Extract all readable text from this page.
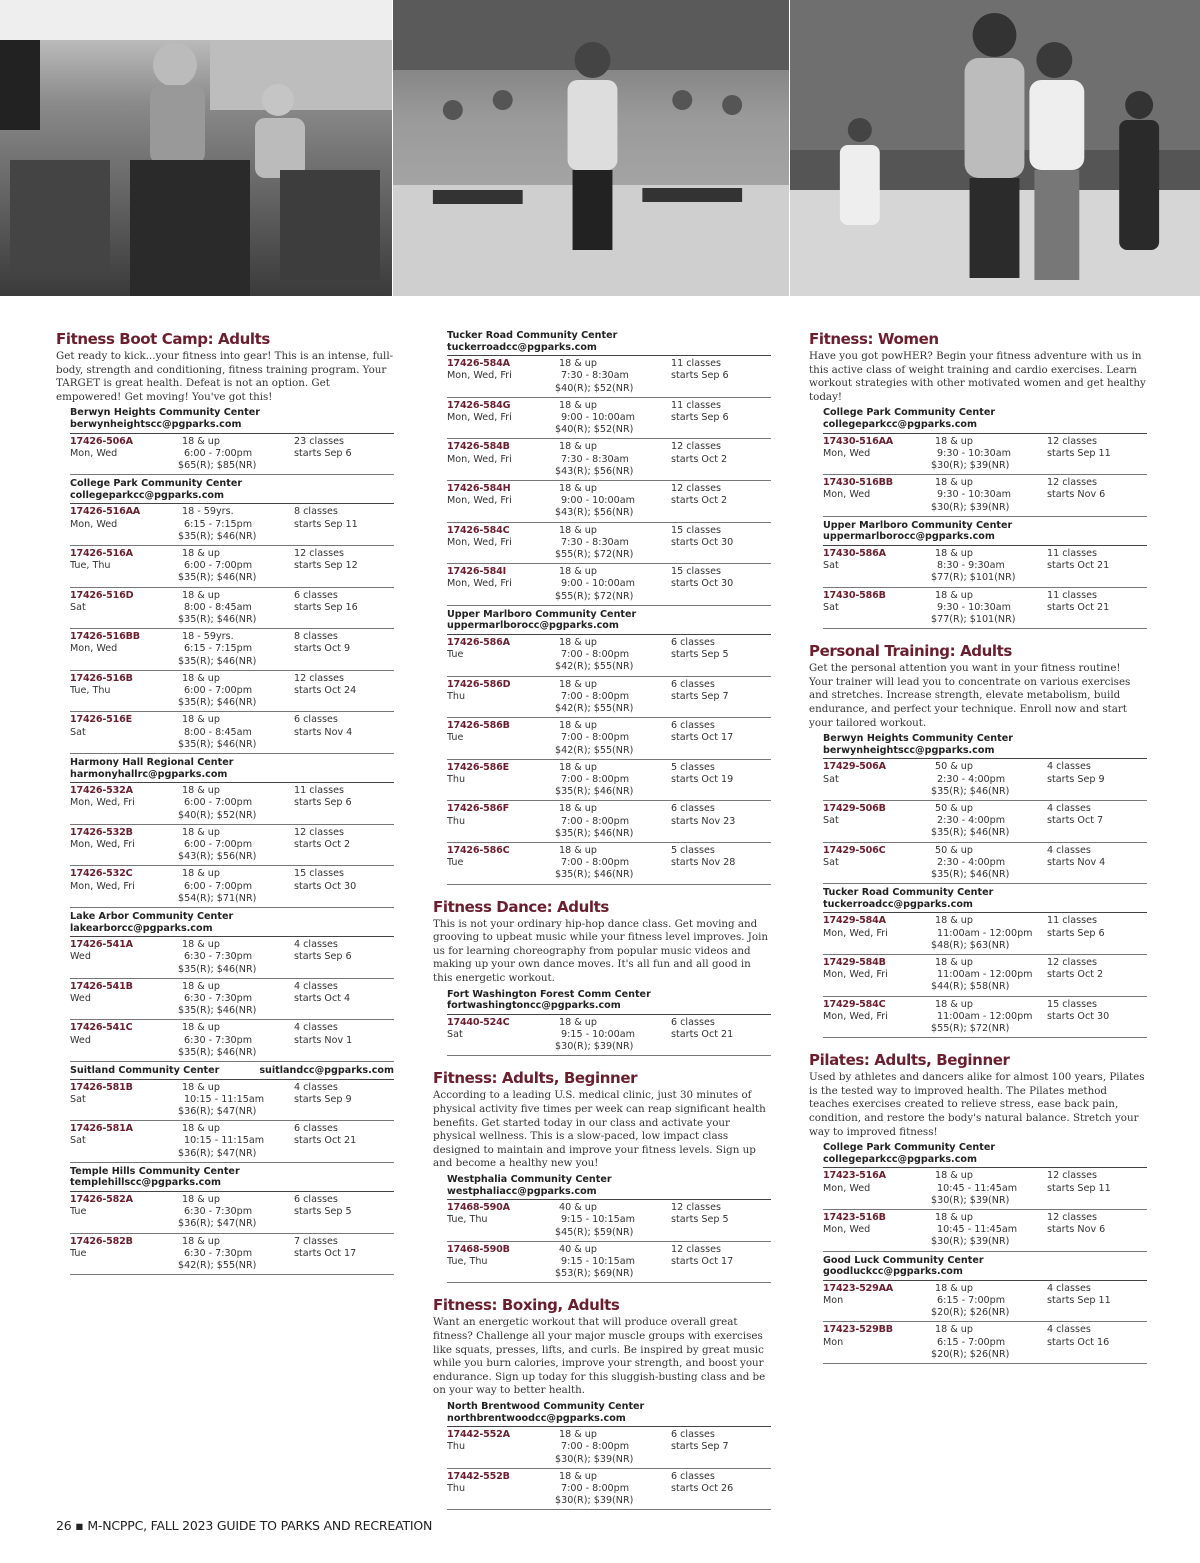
Fitness Boot Camp: Adults

Get ready to kick...your fitness into gear! This is an intense, full-body, strength and conditioning, fitness training program. Your TARGET is great health. Defeat is not an option. Get empowered! Get moving! You've got this!

Berwyn Heights Community Center
berwynheightscc@pgparks.com
17426-506A	18 & up	23 classes
Mon, Wed	6:00 - 7:00pm	starts Sep 6
$65(R); $85(NR)
College Park Community Center
collegeparkcc@pgparks.com
17426-516AA	18 - 59yrs.	8 classes
Mon, Wed	6:15 - 7:15pm	starts Sep 11
$35(R); $46(NR)
17426-516A	18 & up	12 classes
Tue, Thu	6:00 - 7:00pm	starts Sep 12
$35(R); $46(NR)
17426-516D	18 & up	6 classes
Sat	8:00 - 8:45am	starts Sep 16
$35(R); $46(NR)
17426-516BB	18 - 59yrs.	8 classes
Mon, Wed	6:15 - 7:15pm	starts Oct 9
$35(R); $46(NR)
17426-516B	18 & up	12 classes
Tue, Thu	6:00 - 7:00pm	starts Oct 24
$35(R); $46(NR)
17426-516E	18 & up	6 classes
Sat	8:00 - 8:45am	starts Nov 4
$35(R); $46(NR)
Harmony Hall Regional Center
harmonyhallrc@pgparks.com
17426-532A	18 & up	11 classes
Mon, Wed, Fri	6:00 - 7:00pm	starts Sep 6
$40(R); $52(NR)
17426-532B	18 & up	12 classes
Mon, Wed, Fri	6:00 - 7:00pm	starts Oct 2
$43(R); $56(NR)
17426-532C	18 & up	15 classes
Mon, Wed, Fri	6:00 - 7:00pm	starts Oct 30
$54(R); $71(NR)
Lake Arbor Community Center
lakearborcc@pgparks.com
17426-541A	18 & up	4 classes
Wed	6:30 - 7:30pm	starts Sep 6
$35(R); $46(NR)
17426-541B	18 & up	4 classes
Wed	6:30 - 7:30pm	starts Oct 4
$35(R); $46(NR)
17426-541C	18 & up	4 classes
Wed	6:30 - 7:30pm	starts Nov 1
$35(R); $46(NR)
Suitland Community Center	suitlandcc@pgparks.com
17426-581B	18 & up	4 classes
Sat	10:15 - 11:15am	starts Sep 9
$36(R); $47(NR)
17426-581A	18 & up	6 classes
Sat	10:15 - 11:15am	starts Oct 21
$36(R); $47(NR)
Temple Hills Community Center
templehillscc@pgparks.com
17426-582A	18 & up	6 classes
Tue	6:30 - 7:30pm	starts Sep 5
$36(R); $47(NR)
17426-582B	18 & up	7 classes
Tue	6:30 - 7:30pm	starts Oct 17
$42(R); $55(NR)
Tucker Road Community Center
tuckerroadcc@pgparks.com
17426-584A	18 & up	11 classes
Mon, Wed, Fri	7:30 - 8:30am	starts Sep 6
$40(R); $52(NR)
17426-584G	18 & up	11 classes
Mon, Wed, Fri	9:00 - 10:00am	starts Sep 6
$40(R); $52(NR)
17426-584B	18 & up	12 classes
Mon, Wed, Fri	7:30 - 8:30am	starts Oct 2
$43(R); $56(NR)
17426-584H	18 & up	12 classes
Mon, Wed, Fri	9:00 - 10:00am	starts Oct 2
$43(R); $56(NR)
17426-584C	18 & up	15 classes
Mon, Wed, Fri	7:30 - 8:30am	starts Oct 30
$55(R); $72(NR)
17426-584I	18 & up	15 classes
Mon, Wed, Fri	9:00 - 10:00am	starts Oct 30
$55(R); $72(NR)
Upper Marlboro Community Center
uppermarlborocc@pgparks.com
17426-586A	18 & up	6 classes
Tue	7:00 - 8:00pm	starts Sep 5
$42(R); $55(NR)
17426-586D	18 & up	6 classes
Thu	7:00 - 8:00pm	starts Sep 7
$42(R); $55(NR)
17426-586B	18 & up	6 classes
Tue	7:00 - 8:00pm	starts Oct 17
$42(R); $55(NR)
17426-586E	18 & up	5 classes
Thu	7:00 - 8:00pm	starts Oct 19
$35(R); $46(NR)
17426-586F	18 & up	6 classes
Thu	7:00 - 8:00pm	starts Nov 23
$35(R); $46(NR)
17426-586C	18 & up	5 classes
Tue	7:00 - 8:00pm	starts Nov 28
$35(R); $46(NR)
Fitness Dance: Adults

This is not your ordinary hip-hop dance class. Get moving and grooving to upbeat music while your fitness level improves. Join us for learning choreography from popular music videos and making up your own dance moves. It's all fun and all good in this energetic workout.

Fort Washington Forest Comm Center
fortwashingtoncc@pgparks.com
17440-524C	18 & up	6 classes
Sat	9:15 - 10:00am	starts Oct 21
$30(R); $39(NR)
Fitness: Adults, Beginner

According to a leading U.S. medical clinic, just 30 minutes of physical activity five times per week can reap significant health benefits. Get started today in our class and activate your physical wellness. This is a slow-paced, low impact class designed to maintain and improve your fitness levels. Sign up and become a healthy new you!

Westphalia Community Center
westphaliacc@pgparks.com
17468-590A	40 & up	12 classes
Tue, Thu	9:15 - 10:15am	starts Sep 5
$45(R); $59(NR)
17468-590B	40 & up	12 classes
Tue, Thu	9:15 - 10:15am	starts Oct 17
$53(R); $69(NR)
Fitness: Boxing, Adults

Want an energetic workout that will produce overall great fitness? Challenge all your major muscle groups with exercises like squats, presses, lifts, and curls. Be inspired by great music while you burn calories, improve your strength, and boost your endurance. Sign up today for this sluggish-busting class and be on your way to better health.

North Brentwood Community Center
northbrentwoodcc@pgparks.com
17442-552A	18 & up	6 classes
Thu	7:00 - 8:00pm	starts Sep 7
$30(R); $39(NR)
17442-552B	18 & up	6 classes
Thu	7:00 - 8:00pm	starts Oct 26
$30(R); $39(NR)
Fitness: Women

Have you got powHER? Begin your fitness adventure with us in this active class of weight training and cardio exercises. Learn workout strategies with other motivated women and get healthy today!

College Park Community Center
collegeparkcc@pgparks.com
17430-516AA	18 & up	12 classes
Mon, Wed	9:30 - 10:30am	starts Sep 11
$30(R); $39(NR)
17430-516BB	18 & up	12 classes
Mon, Wed	9:30 - 10:30am	starts Nov 6
$30(R); $39(NR)
Upper Marlboro Community Center
uppermarlborocc@pgparks.com
17430-586A	18 & up	11 classes
Sat	8:30 - 9:30am	starts Oct 21
$77(R); $101(NR)
17430-586B	18 & up	11 classes
Sat	9:30 - 10:30am	starts Oct 21
$77(R); $101(NR)
Personal Training: Adults

Get the personal attention you want in your fitness routine! Your trainer will lead you to concentrate on various exercises and stretches. Increase strength, elevate metabolism, build endurance, and perfect your technique. Enroll now and start your tailored workout.

Berwyn Heights Community Center
berwynheightscc@pgparks.com
17429-506A	50 & up	4 classes
Sat	2:30 - 4:00pm	starts Sep 9
$35(R); $46(NR)
17429-506B	50 & up	4 classes
Sat	2:30 - 4:00pm	starts Oct 7
$35(R); $46(NR)
17429-506C	50 & up	4 classes
Sat	2:30 - 4:00pm	starts Nov 4
$35(R); $46(NR)
Tucker Road Community Center
tuckerroadcc@pgparks.com
17429-584A	18 & up	11 classes
Mon, Wed, Fri	11:00am - 12:00pm	starts Sep 6
$48(R); $63(NR)
17429-584B	18 & up	12 classes
Mon, Wed, Fri	11:00am - 12:00pm	starts Oct 2
$44(R); $58(NR)
17429-584C	18 & up	15 classes
Mon, Wed, Fri	11:00am - 12:00pm	starts Oct 30
$55(R); $72(NR)
Pilates: Adults, Beginner

Used by athletes and dancers alike for almost 100 years, Pilates is the tested way to improved health. The Pilates method teaches exercises created to relieve stress, ease back pain, condition, and restore the body's natural balance. Stretch your way to improved fitness!

College Park Community Center
collegeparkcc@pgparks.com
17423-516A	18 & up	12 classes
Mon, Wed	10:45 - 11:45am	starts Sep 11
$30(R); $39(NR)
17423-516B	18 & up	12 classes
Mon, Wed	10:45 - 11:45am	starts Nov 6
$30(R); $39(NR)
Good Luck Community Center
goodluckcc@pgparks.com
17423-529AA	18 & up	4 classes
Mon	6:15 - 7:00pm	starts Sep 11
$20(R); $26(NR)
17423-529BB	18 & up	4 classes
Mon	6:15 - 7:00pm	starts Oct 16
$20(R); $26(NR)
26 ▪ M-NCPPC, FALL 2023 GUIDE TO PARKS AND RECREATION
